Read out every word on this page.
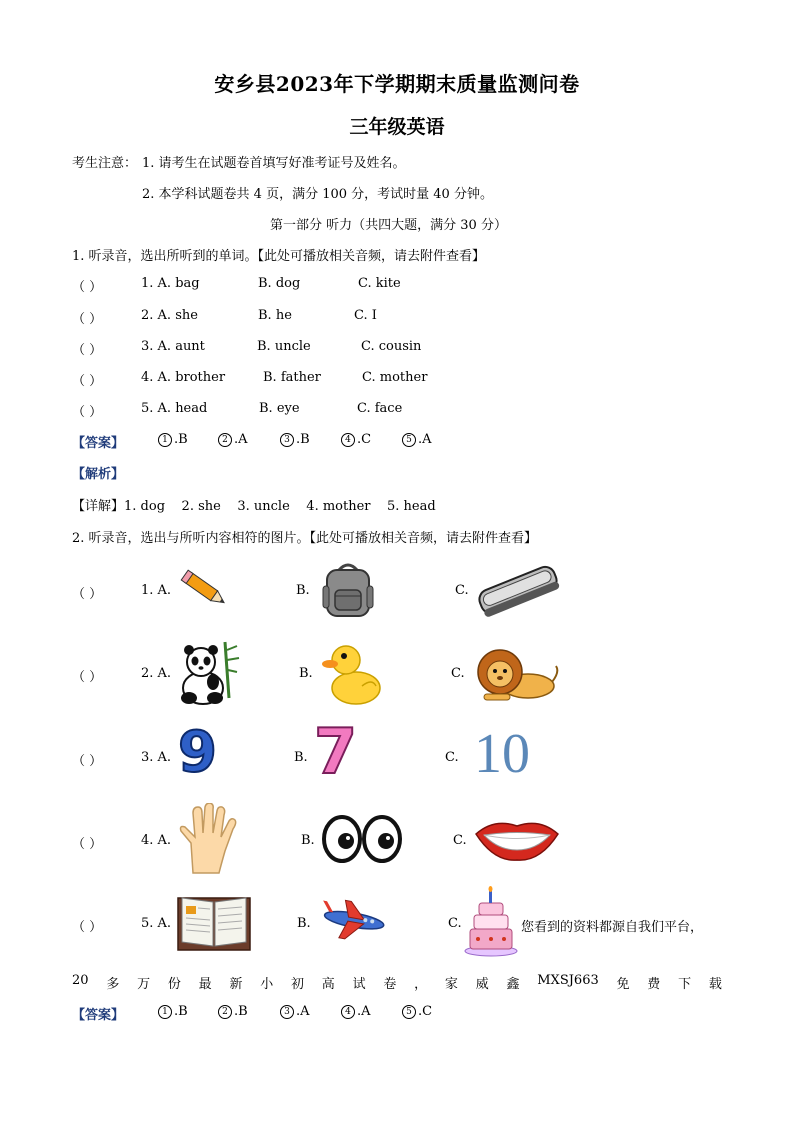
安乡县2023年下学期期末质量监测问卷
三年级英语
考生注意： 1. 请考生在试题卷首填写好准考证号及姓名。
2. 本学科试题卷共 4 页，满分 100 分，考试时量 40 分钟。
第一部分 听力（共四大题，满分 30 分）
1. 听录音，选出所听到的单词。【此处可播放相关音频，请去附件查看】
（ ）	1. A. bag	B. dog	C. kite
（ ）	2. A. she	B. he	C. I
（ ）	3. A. aunt	B. uncle	C. cousin
（ ）	4. A. brother	B. father	C. mother
（ ）	5. A. head	B. eye	C. face
【答案】	1 .B	2 .A	3 .B	4 .C	5 .A
【解析】
【详解】1. dog    2. she    3. uncle    4. mother    5. head
2. 听录音，选出与所听内容相符的图片。【此处可播放相关音频，请去附件查看】
（ ）	1. A.	B.	C.
（ ）	2. A.	B.	C.
（ ）	3. A. 9	B. 7	C. 10
（ ）	4. A.	B.	C.
（ ）	5. A.	B.	C.	您看到的资料都源自我们平台，
20 多 万 份 最 新 小 初 高 试 卷 ， 家 威 鑫 MXSJ663 免 费 下 载
【答案】	1 .B	2 .B	3 .A	4 .A	5 .C
